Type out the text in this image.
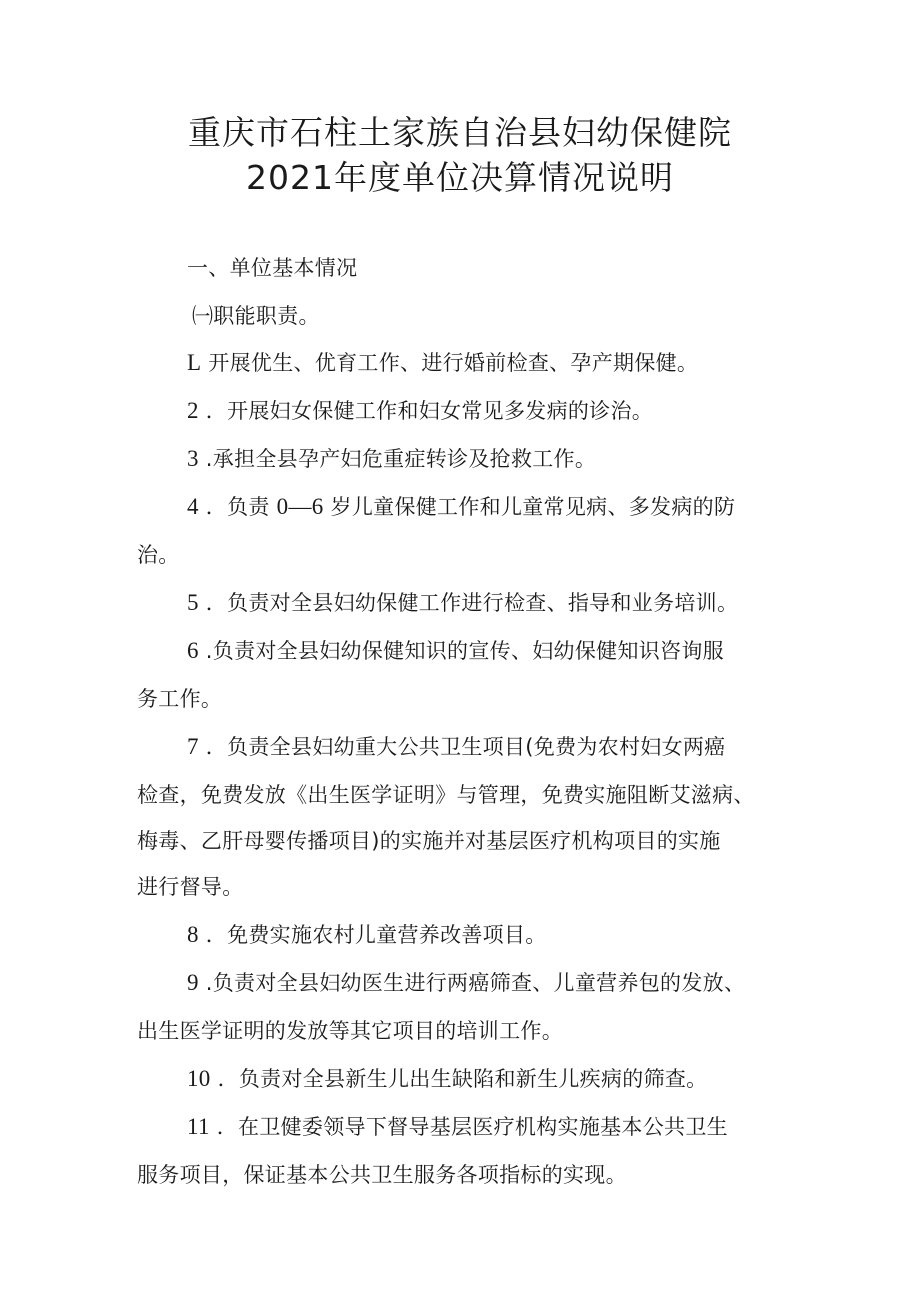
重庆市石柱土家族自治县妇幼保健院
2021年度单位决算情况说明
一、单位基本情况
㈠职能职责。
L 开展优生、优育工作、进行婚前检查、孕产期保健。
2 ．开展妇女保健工作和妇女常见多发病的诊治。
3 .承担全县孕产妇危重症转诊及抢救工作。
4 ．负责 0—6 岁儿童保健工作和儿童常见病、多发病的防
治。
5 ．负责对全县妇幼保健工作进行检查、指导和业务培训。
6 .负责对全县妇幼保健知识的宣传、妇幼保健知识咨询服
务工作。
7 ．负责全县妇幼重大公共卫生项目(免费为农村妇女两癌
检查，免费发放《出生医学证明》与管理，免费实施阻断艾滋病、
梅毒、乙肝母婴传播项目)的实施并对基层医疗机构项目的实施
进行督导。
8 ．免费实施农村儿童营养改善项目。
9 .负责对全县妇幼医生进行两癌筛查、儿童营养包的发放、
出生医学证明的发放等其它项目的培训工作。
10 ．负责对全县新生儿出生缺陷和新生儿疾病的筛查。
11 ．在卫健委领导下督导基层医疗机构实施基本公共卫生
服务项目，保证基本公共卫生服务各项指标的实现。
